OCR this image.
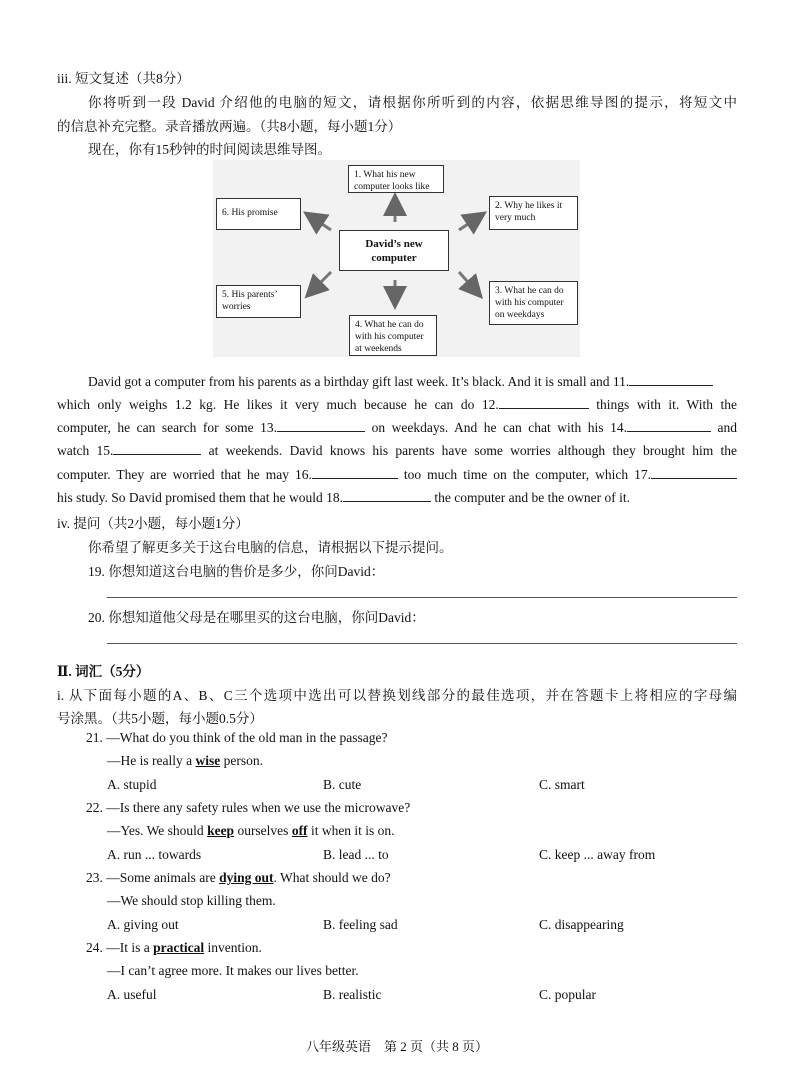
iii. 短文复述（共8分）
你将听到一段 David 介绍他的电脑的短文，请根据你所听到的内容，依据思维导图的提示，将短文中
的信息补充完整。录音播放两遍。（共8小题，每小题1分）
现在，你有15秒钟的时间阅读思维导图。
David’s new computer
1. What his new computer looks like
2. Why he likes it very much
3. What he can do with his computer on weekdays
4. What he can do with his computer at weekends
5. His parents’ worries
6. His promise
David got a computer from his parents as a birthday gift last week. It’s black. And it is small and 11.
which only weighs 1.2 kg. He likes it very much because he can do 12.	things with it. With the
computer, he can search for some 13.	on weekdays. And he can chat with his 14.	and
watch 15.	at weekends. David knows his parents have some worries although they brought him the
computer. They are worried that he may 16.	too much time on the computer, which 17.
his study. So David promised them that he would 18.	the computer and be the owner of it.
iv. 提问（共2小题，每小题1分）
你希望了解更多关于这台电脑的信息，请根据以下提示提问。
19. 你想知道这台电脑的售价是多少，你问David：
20. 你想知道他父母是在哪里买的这台电脑，你问David：
Ⅱ. 词汇（5分）
i. 从下面每小题的A、B、C三个选项中选出可以替换划线部分的最佳选项，并在答题卡上将相应的字母编
号涂黑。（共5小题，每小题0.5分）
21. —What do you think of the old man in the passage?
—He is really a wise person.
A. stupid	B. cute	C. smart
22. —Is there any safety rules when we use the microwave?
—Yes. We should keep ourselves off it when it is on.
A. run ... towards	B. lead ... to	C. keep ... away from
23. —Some animals are dying out. What should we do?
—We should stop killing them.
A. giving out	B. feeling sad	C. disappearing
24. —It is a practical invention.
—I can’t agree more. It makes our lives better.
A. useful	B. realistic	C. popular
八年级英语　第 2 页（共 8 页）
